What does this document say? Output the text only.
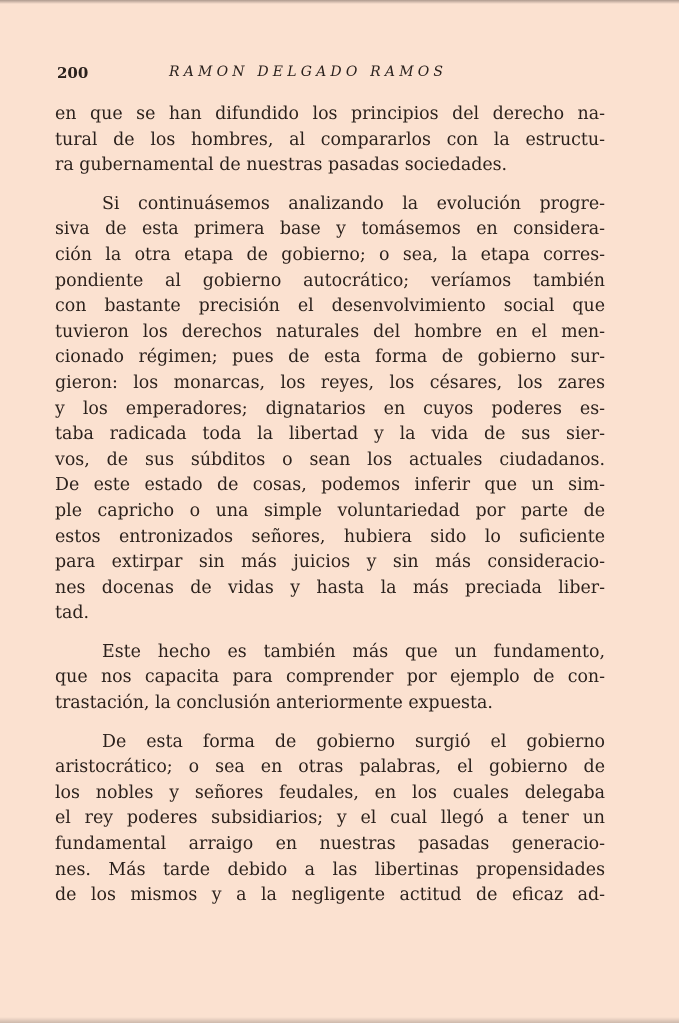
200	RAMON DELGADO RAMOS
en que se han difundido los principios del derecho na-
tural de los hombres, al compararlos con la estructu-
ra gubernamental de nuestras pasadas sociedades.
Si continuásemos analizando la evolución progre-
siva de esta primera base y tomásemos en considera-
ción la otra etapa de gobierno; o sea, la etapa corres-
pondiente al gobierno autocrático; veríamos también
con bastante precisión el desenvolvimiento social que
tuvieron los derechos naturales del hombre en el men-
cionado régimen; pues de esta forma de gobierno sur-
gieron: los monarcas, los reyes, los césares, los zares
y los emperadores; dignatarios en cuyos poderes es-
taba radicada toda la libertad y la vida de sus sier-
vos, de sus súbditos o sean los actuales ciudadanos.
De este estado de cosas, podemos inferir que un sim-
ple capricho o una simple voluntariedad por parte de
estos entronizados señores, hubiera sido lo suficiente
para extirpar sin más juicios y sin más consideracio-
nes docenas de vidas y hasta la más preciada liber-
tad.
Este hecho es también más que un fundamento,
que nos capacita para comprender por ejemplo de con-
trastación, la conclusión anteriormente expuesta.
De esta forma de gobierno surgió el gobierno
aristocrático; o sea en otras palabras, el gobierno de
los nobles y señores feudales, en los cuales delegaba
el rey poderes subsidiarios; y el cual llegó a tener un
fundamental arraigo en nuestras pasadas generacio-
nes. Más tarde debido a las libertinas propensidades
de los mismos y a la negligente actitud de eficaz ad-
